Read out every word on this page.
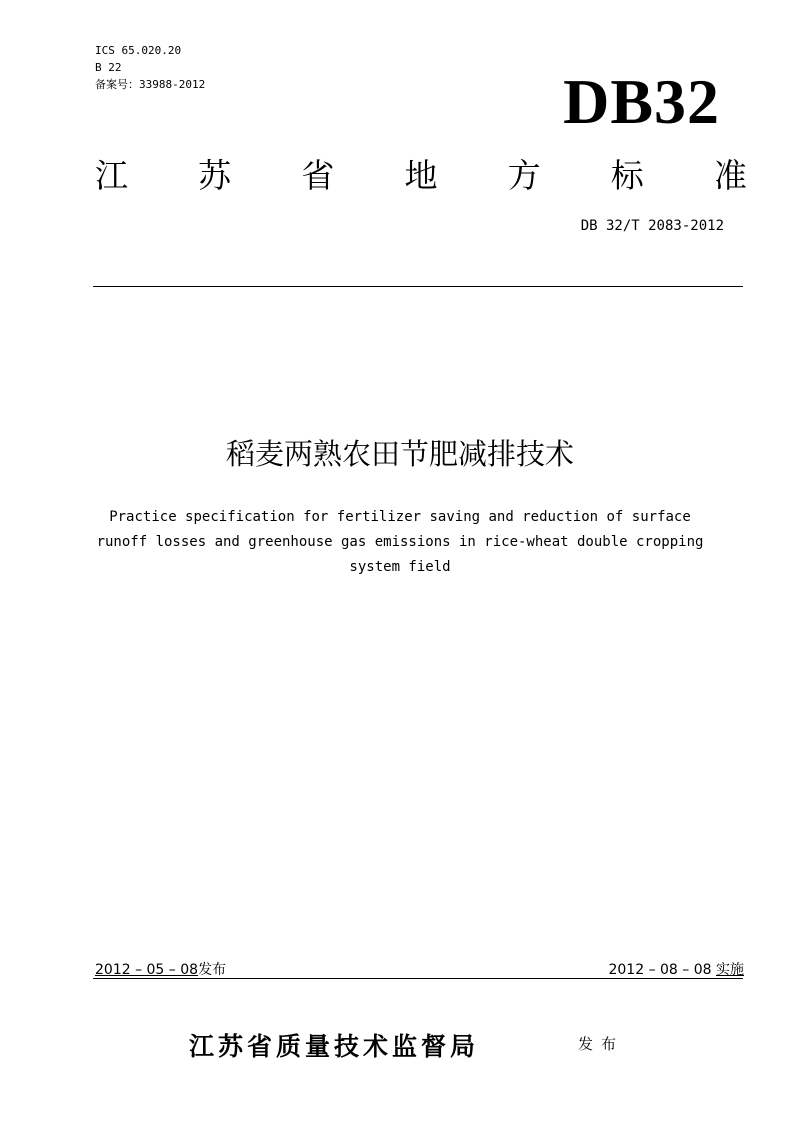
ICS 65.020.20
B 22
备案号：33988-2012	DB32
江 苏 省 地 方 标 准
DB 32/T 2083-2012
稻麦两熟农田节肥减排技术
Practice specification for fertilizer saving and reduction of surface
runoff losses and greenhouse gas emissions in rice-wheat double cropping
system field
2012 – 05 – 08发布	2012 – 08 – 08 实施
江苏省质量技术监督局	发布
